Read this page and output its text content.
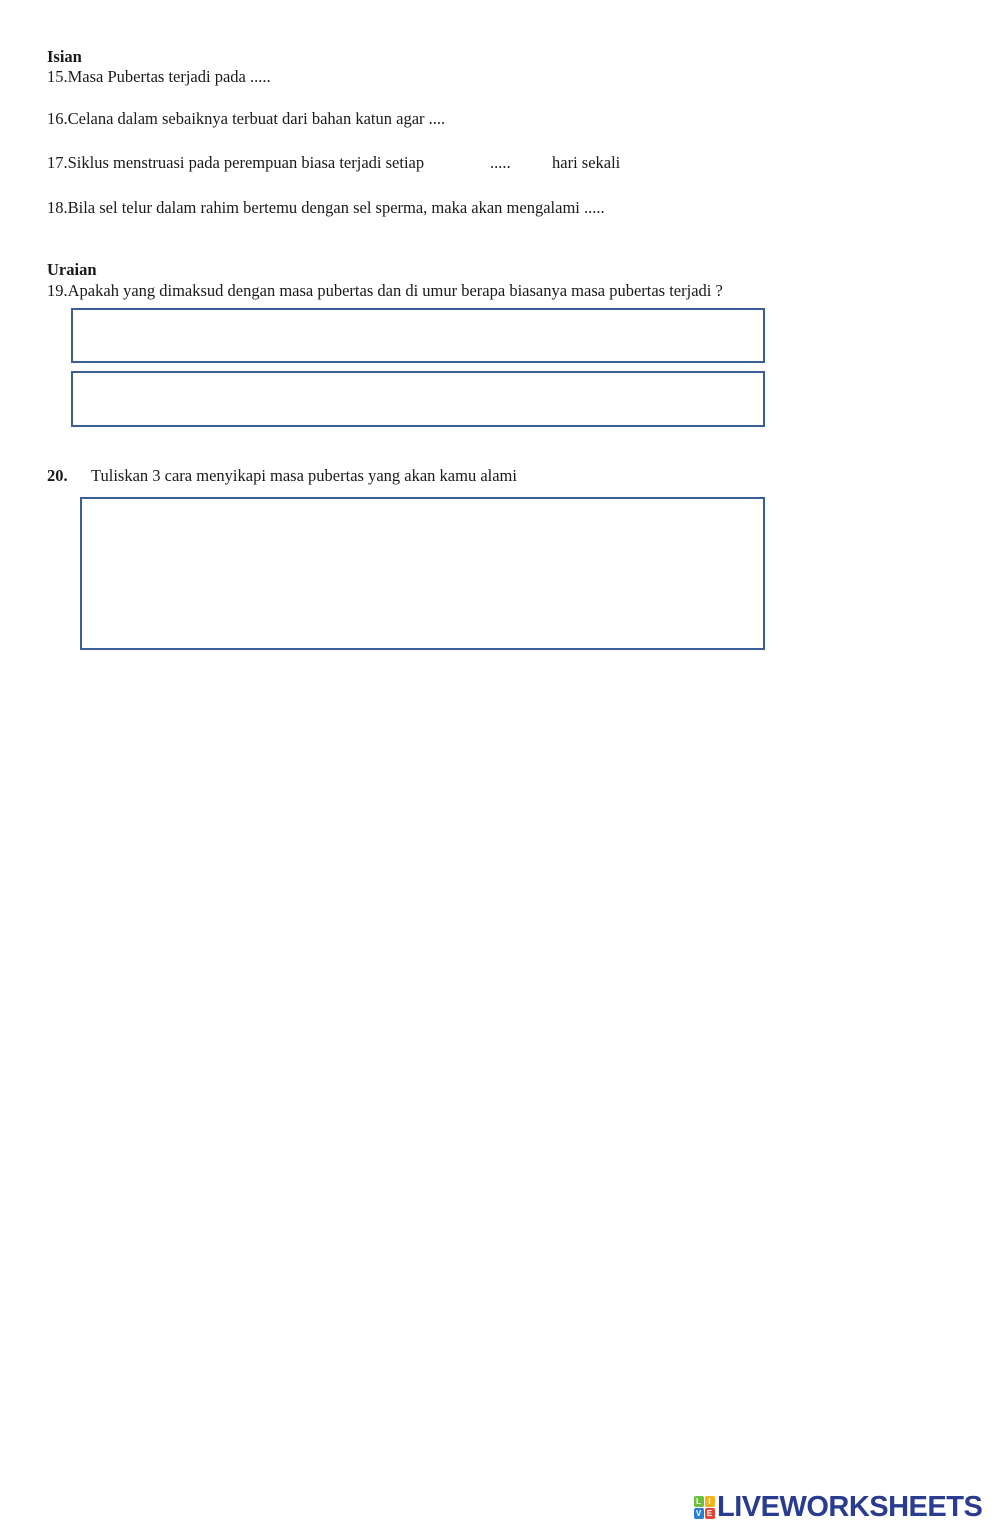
Isian
15.Masa Pubertas terjadi pada .....
16.Celana dalam sebaiknya terbuat dari bahan katun agar ....
17.Siklus menstruasi pada perempuan biasa terjadi setiap	.....	hari sekali
18.Bila sel telur dalam rahim bertemu dengan sel sperma, maka akan mengalami .....
Uraian
19.Apakah yang dimaksud dengan masa pubertas dan di umur berapa biasanya masa pubertas terjadi ?
20. Tuliskan 3 cara menyikapi masa pubertas yang akan kamu alami
L I
V E LIVEWORKSHEETS
